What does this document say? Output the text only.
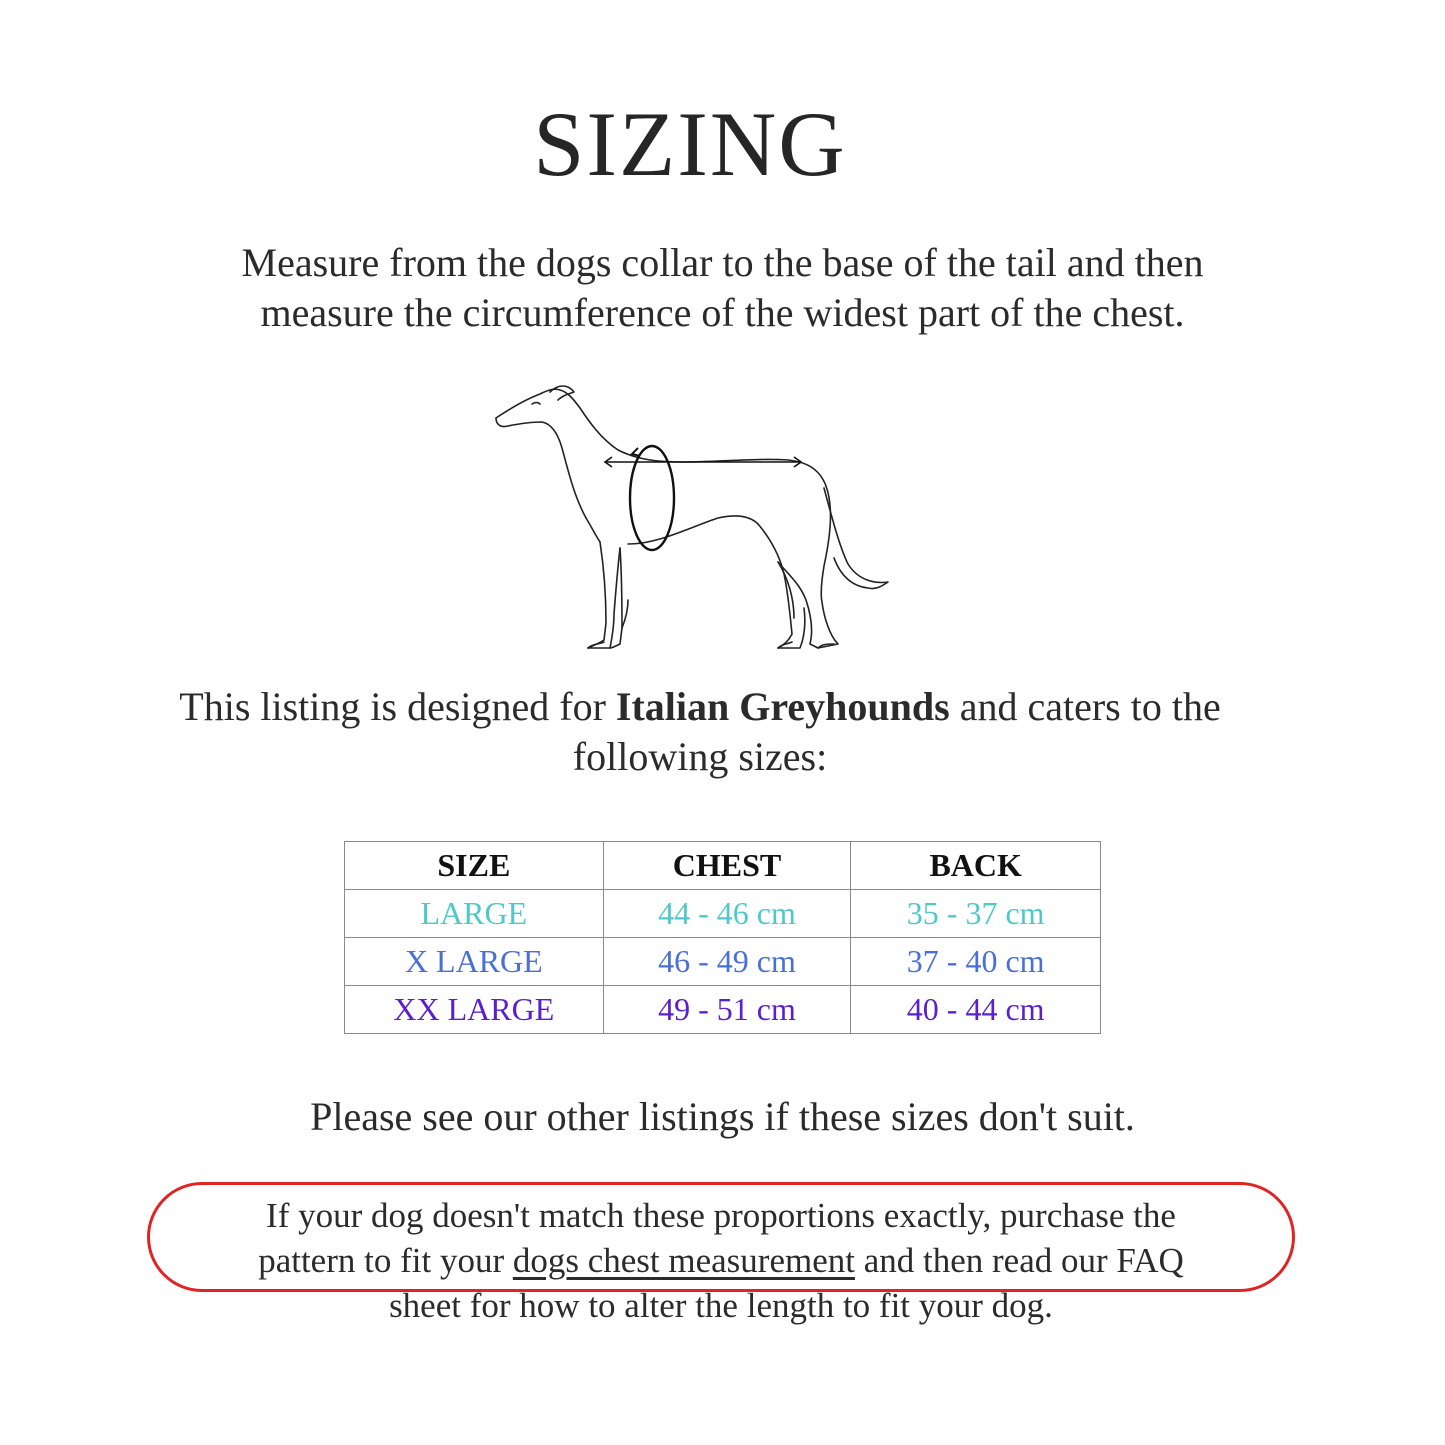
SIZING
Measure from the dogs collar to the base of the tail and then
measure the circumference of the widest part of the chest.
This listing is designed for Italian Greyhounds and caters to the
following sizes:
SIZE	CHEST	BACK
LARGE	44 - 46 cm	35 - 37 cm
X LARGE	46 - 49 cm	37 - 40 cm
XX LARGE	49 - 51 cm	40 - 44 cm
Please see our other listings if these sizes don't suit.
If your dog doesn't match these proportions exactly, purchase the
pattern to fit your dogs chest measurement and then read our FAQ
sheet for how to alter the length to fit your dog.
